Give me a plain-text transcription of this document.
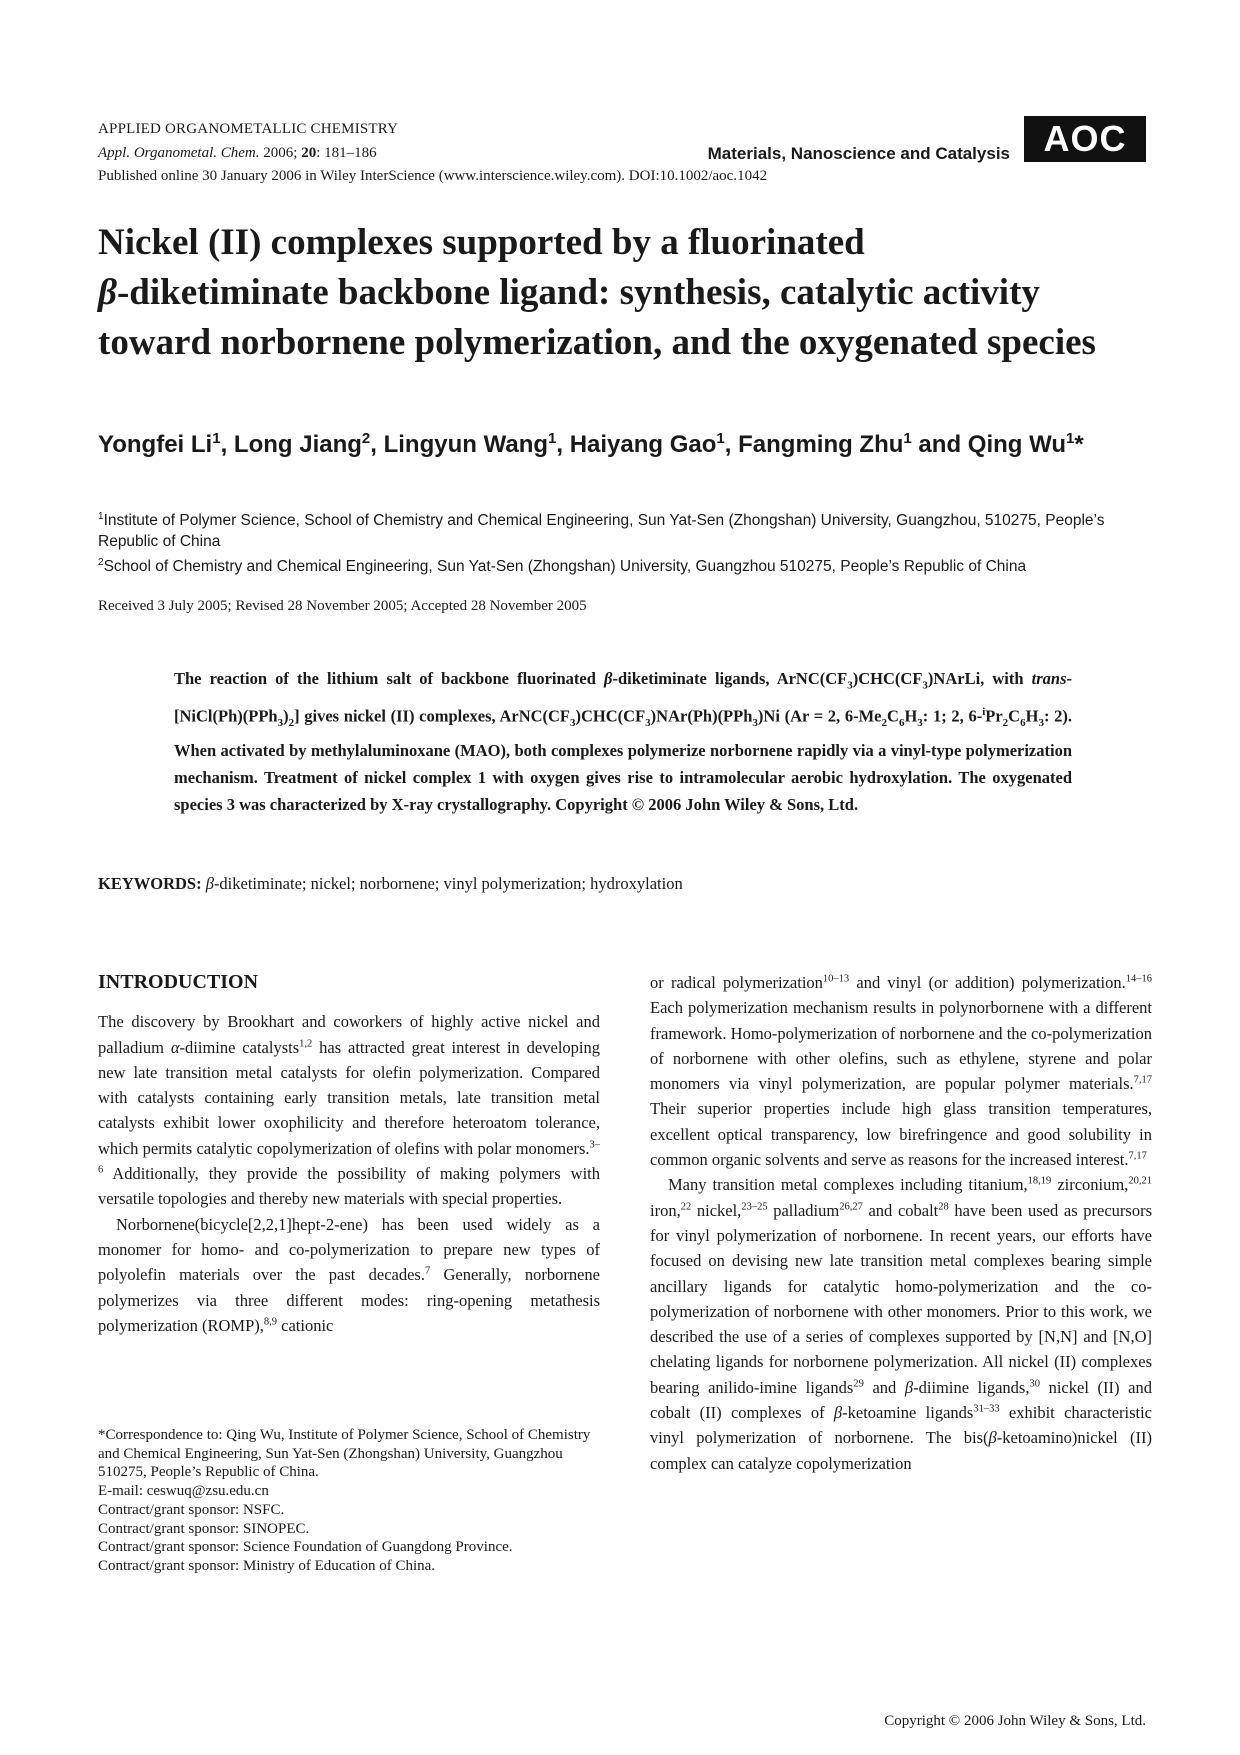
APPLIED ORGANOMETALLIC CHEMISTRY
Appl. Organometal. Chem. 2006; 20: 181–186
Published online 30 January 2006 in Wiley InterScience (www.interscience.wiley.com). DOI:10.1002/aoc.1042
Materials, Nanoscience and Catalysis AOC
Nickel (II) complexes supported by a fluorinated
β-diketiminate backbone ligand: synthesis, catalytic activity toward norbornene polymerization, and the oxygenated species
Yongfei Li$^1$, Long Jiang$^2$, Lingyun Wang$^1$, Haiyang Gao$^1$, Fangming Zhu$^1$ and Qing Wu$^1$*
$^1$Institute of Polymer Science, School of Chemistry and Chemical Engineering, Sun Yat-Sen (Zhongshan) University, Guangzhou, 510275, People’s Republic of China
$^2$School of Chemistry and Chemical Engineering, Sun Yat-Sen (Zhongshan) University, Guangzhou 510275, People’s Republic of China
Received 3 July 2005; Revised 28 November 2005; Accepted 28 November 2005
The reaction of the lithium salt of backbone fluorinated β-diketiminate ligands, $ArNC(CF_3)CHC(CF_3)NArLi$, with trans-$[NiCl(Ph)(PPh_3)_2]$ gives nickel (II) complexes, $ArNC(CF_3)CHC(CF_3)NAr(Ph)(PPh_3)Ni$ (Ar = 2, $6-Me_2C_6H_3$: 1; 2, $6-^iPr_2C_6H_3$: 2). When activated by methylaluminoxane (MAO), both complexes polymerize norbornene rapidly via a vinyl-type polymerization mechanism. Treatment of nickel complex 1 with oxygen gives rise to intramolecular aerobic hydroxylation. The oxygenated species 3 was characterized by X-ray crystallography. Copyright © 2006 John Wiley & Sons, Ltd.
KEYWORDS: β-diketiminate; nickel; norbornene; vinyl polymerization; hydroxylation
INTRODUCTION

The discovery by Brookhart and coworkers of highly active nickel and palladium α-diimine catalysts$^{1,2}$ has attracted great interest in developing new late transition metal catalysts for olefin polymerization. Compared with catalysts containing early transition metals, late transition metal catalysts exhibit lower oxophilicity and therefore heteroatom tolerance, which permits catalytic copolymerization of olefins with polar monomers.$^{3-6}$ Additionally, they provide the possibility of making polymers with versatile topologies and thereby new materials with special properties.

Norbornene(bicycle[2,2,1]hept-2-ene) has been used widely as a monomer for homo- and co-polymerization to prepare new types of polyolefin materials over the past decades.$^7$ Generally, norbornene polymerizes via three different modes: ring-opening metathesis polymerization (ROMP),$^{8,9}$ cationic

or radical polymerization$^{10-13}$ and vinyl (or addition) polymerization.$^{14-16}$ Each polymerization mechanism results in polynorbornene with a different framework. Homo-polymerization of norbornene and the co-polymerization of norbornene with other olefins, such as ethylene, styrene and polar monomers via vinyl polymerization, are popular polymer materials.$^{7,17}$ Their superior properties include high glass transition temperatures, excellent optical transparency, low birefringence and good solubility in common organic solvents and serve as reasons for the increased interest.$^{7,17}$

Many transition metal complexes including titanium,$^{18,19}$ zirconium,$^{20,21}$ iron,$^{22}$ nickel,$^{23-25}$ palladium$^{26,27}$ and cobalt$^{28}$ have been used as precursors for vinyl polymerization of norbornene. In recent years, our efforts have focused on devising new late transition metal complexes bearing simple ancillary ligands for catalytic homo-polymerization and the co-polymerization of norbornene with other monomers. Prior to this work, we described the use of a series of complexes supported by [N,N] and [N,O] chelating ligands for norbornene polymerization. All nickel (II) complexes bearing anilido-imine ligands$^{29}$ and β-diimine ligands,$^{30}$ nickel (II) and cobalt (II) complexes of β-ketoamine ligands$^{31-33}$ exhibit characteristic vinyl polymerization of norbornene. The bis(β-ketoamino)nickel (II) complex can catalyze copolymerization

*Correspondence to: Qing Wu, Institute of Polymer Science, School of Chemistry and Chemical Engineering, Sun Yat-Sen (Zhongshan) University, Guangzhou 510275, People’s Republic of China.
E-mail: ceswuq@zsu.edu.cn
Contract/grant sponsor: NSFC.
Contract/grant sponsor: SINOPEC.
Contract/grant sponsor: Science Foundation of Guangdong Province.
Contract/grant sponsor: Ministry of Education of China.
Copyright © 2006 John Wiley & Sons, Ltd.
